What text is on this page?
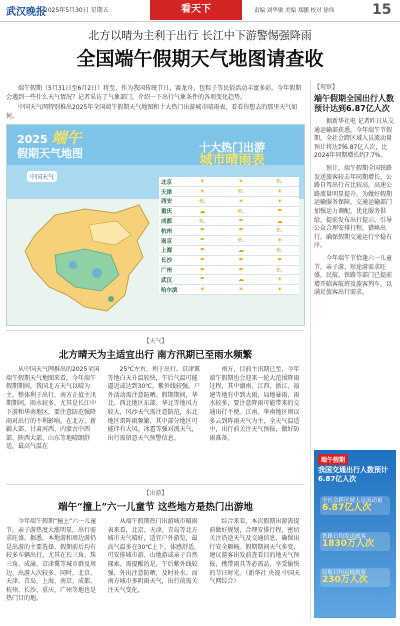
武汉晚报
2025年5月30日 星期五	看天下	责编 刘华敏 美编 郑鹏 校对 徐伟	15
北方以晴为主利于出行 长江中下游警惕强降雨
全国端午假期天气地图请查收

端午假期（5月31日至6月2日）将至，作为我国传统节日，赛龙舟、包粽子等民俗活动丰富多彩。今年假期会遇到一些什么天气情况？记者采访了气象部门，介绍一下出行气象条件的各项变化趋势。

中国天气网特别推出2025年全国端午假期天气地图和十大热门出游城市晴雨表，看看你想去的那里天气如何。

2025 端午
假期天气地图
中国天气
十大热门出游
城市晴雨表
北京	☀	☀	⛅
天津	☀	⛅	☀
西安	⛅	☀	☀
重庆	☁	⛅	☂
成都	⛅	☂	☁
杭州	☂	☂	⛅
南京	☂	⛅	☀
上海	☂	☁	⛅
长沙	☂	☂	☂
广州	☂	☂	⛅
武汉	☂	☁	☀
哈尔滨	☀	☀	☀
【天气】
北方晴天为主适宜出行 南方汛期已至雨水频繁
从中国天气网推出的2025全国端午假期天气地图来看，今年端午假期期间，我国北方天气以晴为主，整体利于出行，南方正值主汛期期间，雨水较多，尤其是长江中下游和华南地区，要注意防范强降雨对出行的不利影响。在北方，新疆大部、甘肃河西、内蒙古中西部、陕西大部、山东等地晴朗舒适，最高气温在
25℃左右，利于出行。京津冀等地白天升温较快，午后气温可能逼近或达到30℃，紫外线较强，户外活动需注意防晒。假期期间，华北、西北地区东部、华北等地风力较大，风沙天气需注意防范，东北地区雷阵雨频繁，其中部分地区可能伴有大风、冰雹等强对流天气，出行需留意天气预警信息。
南方，目前主汛期已至，今年端午假期也会迎来一轮大范围降雨过程，其中湖南、江西、浙江、福建等地有中到大雨，局地暴雨，雨水较多，要注意降雨可能带来的交通出行不便。江南、华南地区则以多云到阵雨天气为主，全天气温适中，出行前关注天气预报，做好防雨准备。
【出游】
端午“撞上”六一儿童节 这些地方是热门出游地
今年端午假期“撞上”六一儿童节，亲子游热度大涨明显，出行需求旺盛。据悉，本地游和周边游仍是出游的主要选择，假期前后均有较多车辆出行，尤其在长三角、珠三角、成渝、京津冀等城市群及周边，出游人次较多。同时，北京、天津、青岛、上海、南京、成都、杭州、长沙、重庆、广州等地也是热门目的地。
从端午假期热门出游城市晴雨表来看，北京、天津、青岛等北方城市天气晴好，适宜户外游览，最高气温多在30℃上下，体感舒适，可安排城市游、山地游或亲子自然探索。需提醒的是，午后紫外线较强，外出注意防晒，及时补水。而南方城市多阴雨天气，出行前需关注天气变化。
综合来看，本次假期出游需提前做好规划，合理安排行程，密切关注沿途天气及交通信息，确保出行安全顺畅。假期期间天气多变，建议游客出发前查看目的地天气预报，携带雨具等必需品，享受愉快的节日时光。（新华社 央视 中国天气网综合）
【观察】
端午假期全国出行人数预计达到6.87亿人次
据新华社电 记者昨日从交通运输部获悉，今年端午节假期，全社会跨区域人员流动量预计将达到6.87亿人次，比2024年同期增长约7.7%。
预计，端午假期全国铁路发送旅客较去年同期增长，公路自驾出行占比较高，高速公路流量明显提升。为做好假期运输服务保障，交通运输部门加强运力调配，优化服务供给，提前发布出行提示，引导公众合理安排行程，错峰出行，确保假期交通运行平稳有序。
今年端午节恰逢六一儿童节，亲子游、短途游需求旺盛，民航、铁路等部门已提前增开临客航班及旅客列车，以满足旅客出行需求。
端午假期
我国交通出行人数预计6.87亿人次
全社会跨区域人员流动量
6.87亿人次
铁路日均发送旅客
1830万人次
民航日均运输旅客
230万人次
